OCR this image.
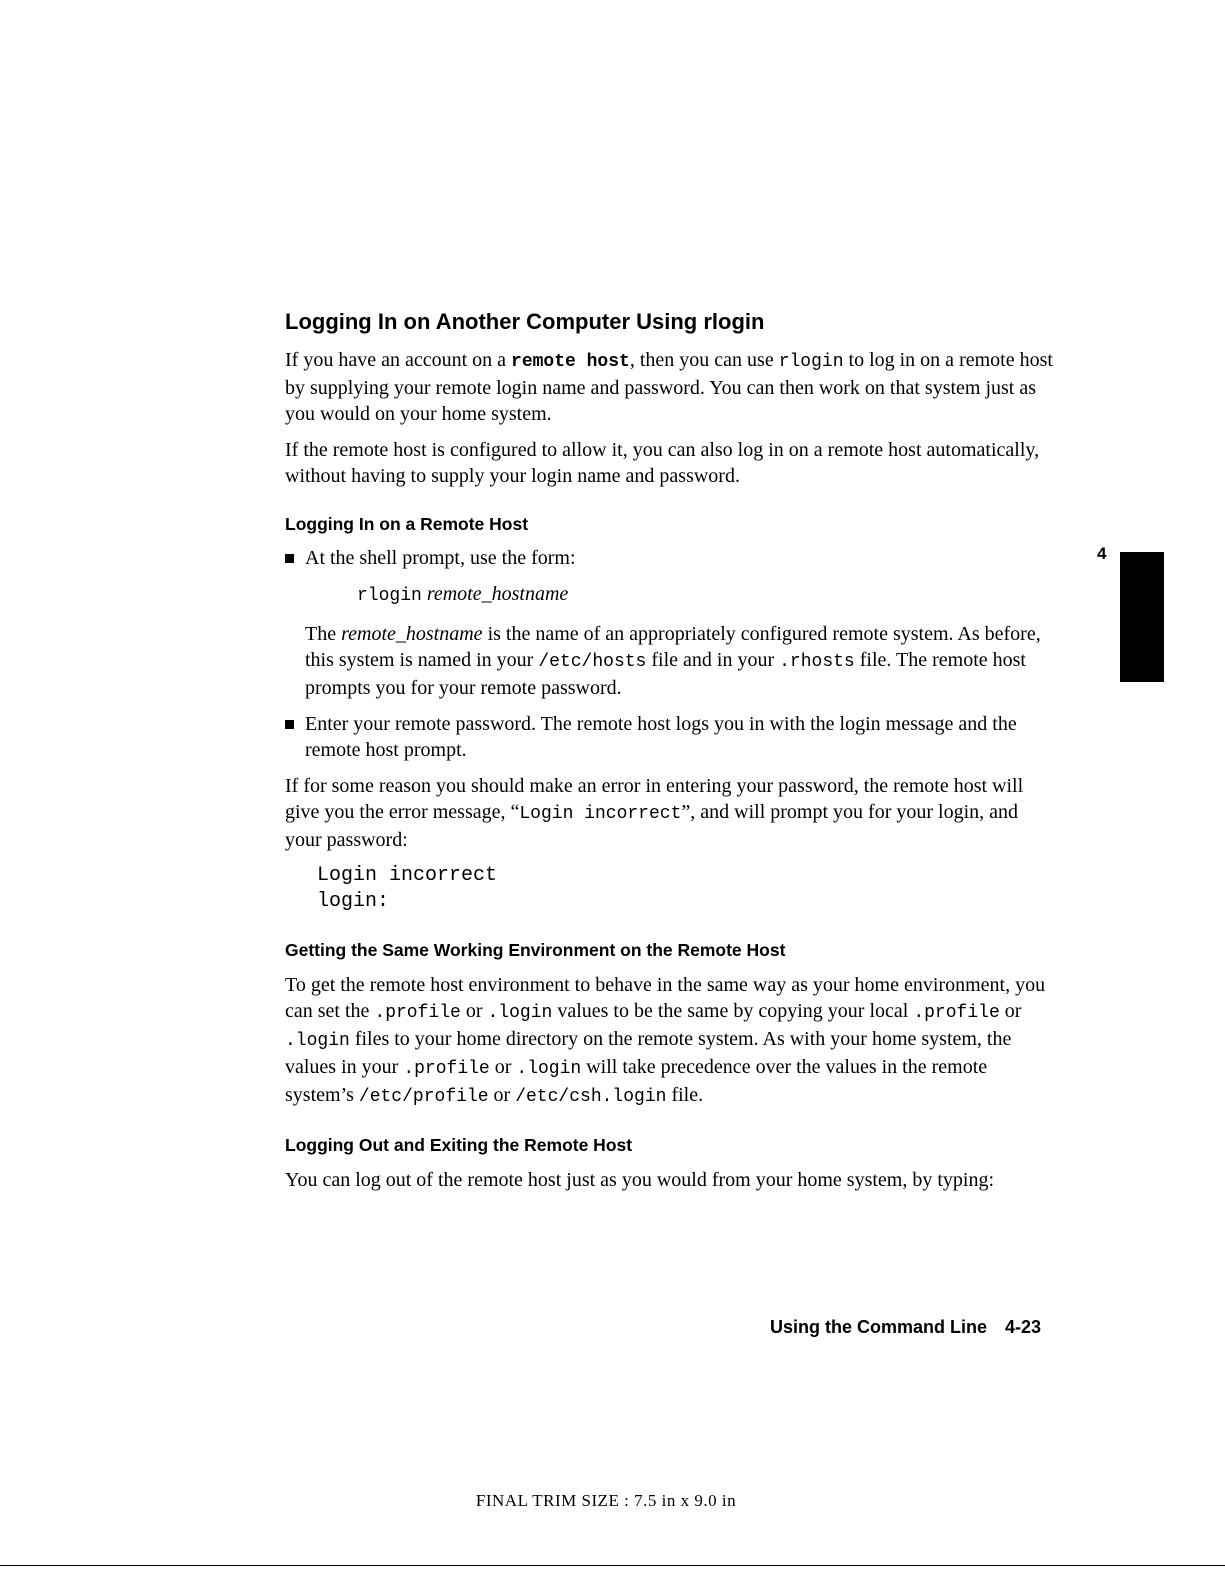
Logging In on Another Computer Using rlogin

If you have an account on a remote host, then you can use rlogin to log in on a remote host by supplying your remote login name and password. You can then work on that system just as you would on your home system.

If the remote host is configured to allow it, you can also log in on a remote host automatically, without having to supply your login name and password.

Logging In on a Remote Host

At the shell prompt, use the form:

rlogin remote_hostname

The remote_hostname is the name of an appropriately configured remote system. As before, this system is named in your /etc/hosts file and in your .rhosts file. The remote host prompts you for your remote password.

Enter your remote password. The remote host logs you in with the login message and the remote host prompt.

If for some reason you should make an error in entering your password, the remote host will give you the error message, “Login incorrect”, and will prompt you for your login, and your password:

Login incorrect
login:
Getting the Same Working Environment on the Remote Host

To get the remote host environment to behave in the same way as your home environment, you can set the .profile or .login values to be the same by copying your local .profile or .login files to your home directory on the remote system. As with your home system, the values in your .profile or .login will take precedence over the values in the remote system’s /etc/profile or /etc/csh.login file.

Logging Out and Exiting the Remote Host

You can log out of the remote host just as you would from your home system, by typing:

4
Using the Command Line 4-23
FINAL TRIM SIZE : 7.5 in x 9.0 in
